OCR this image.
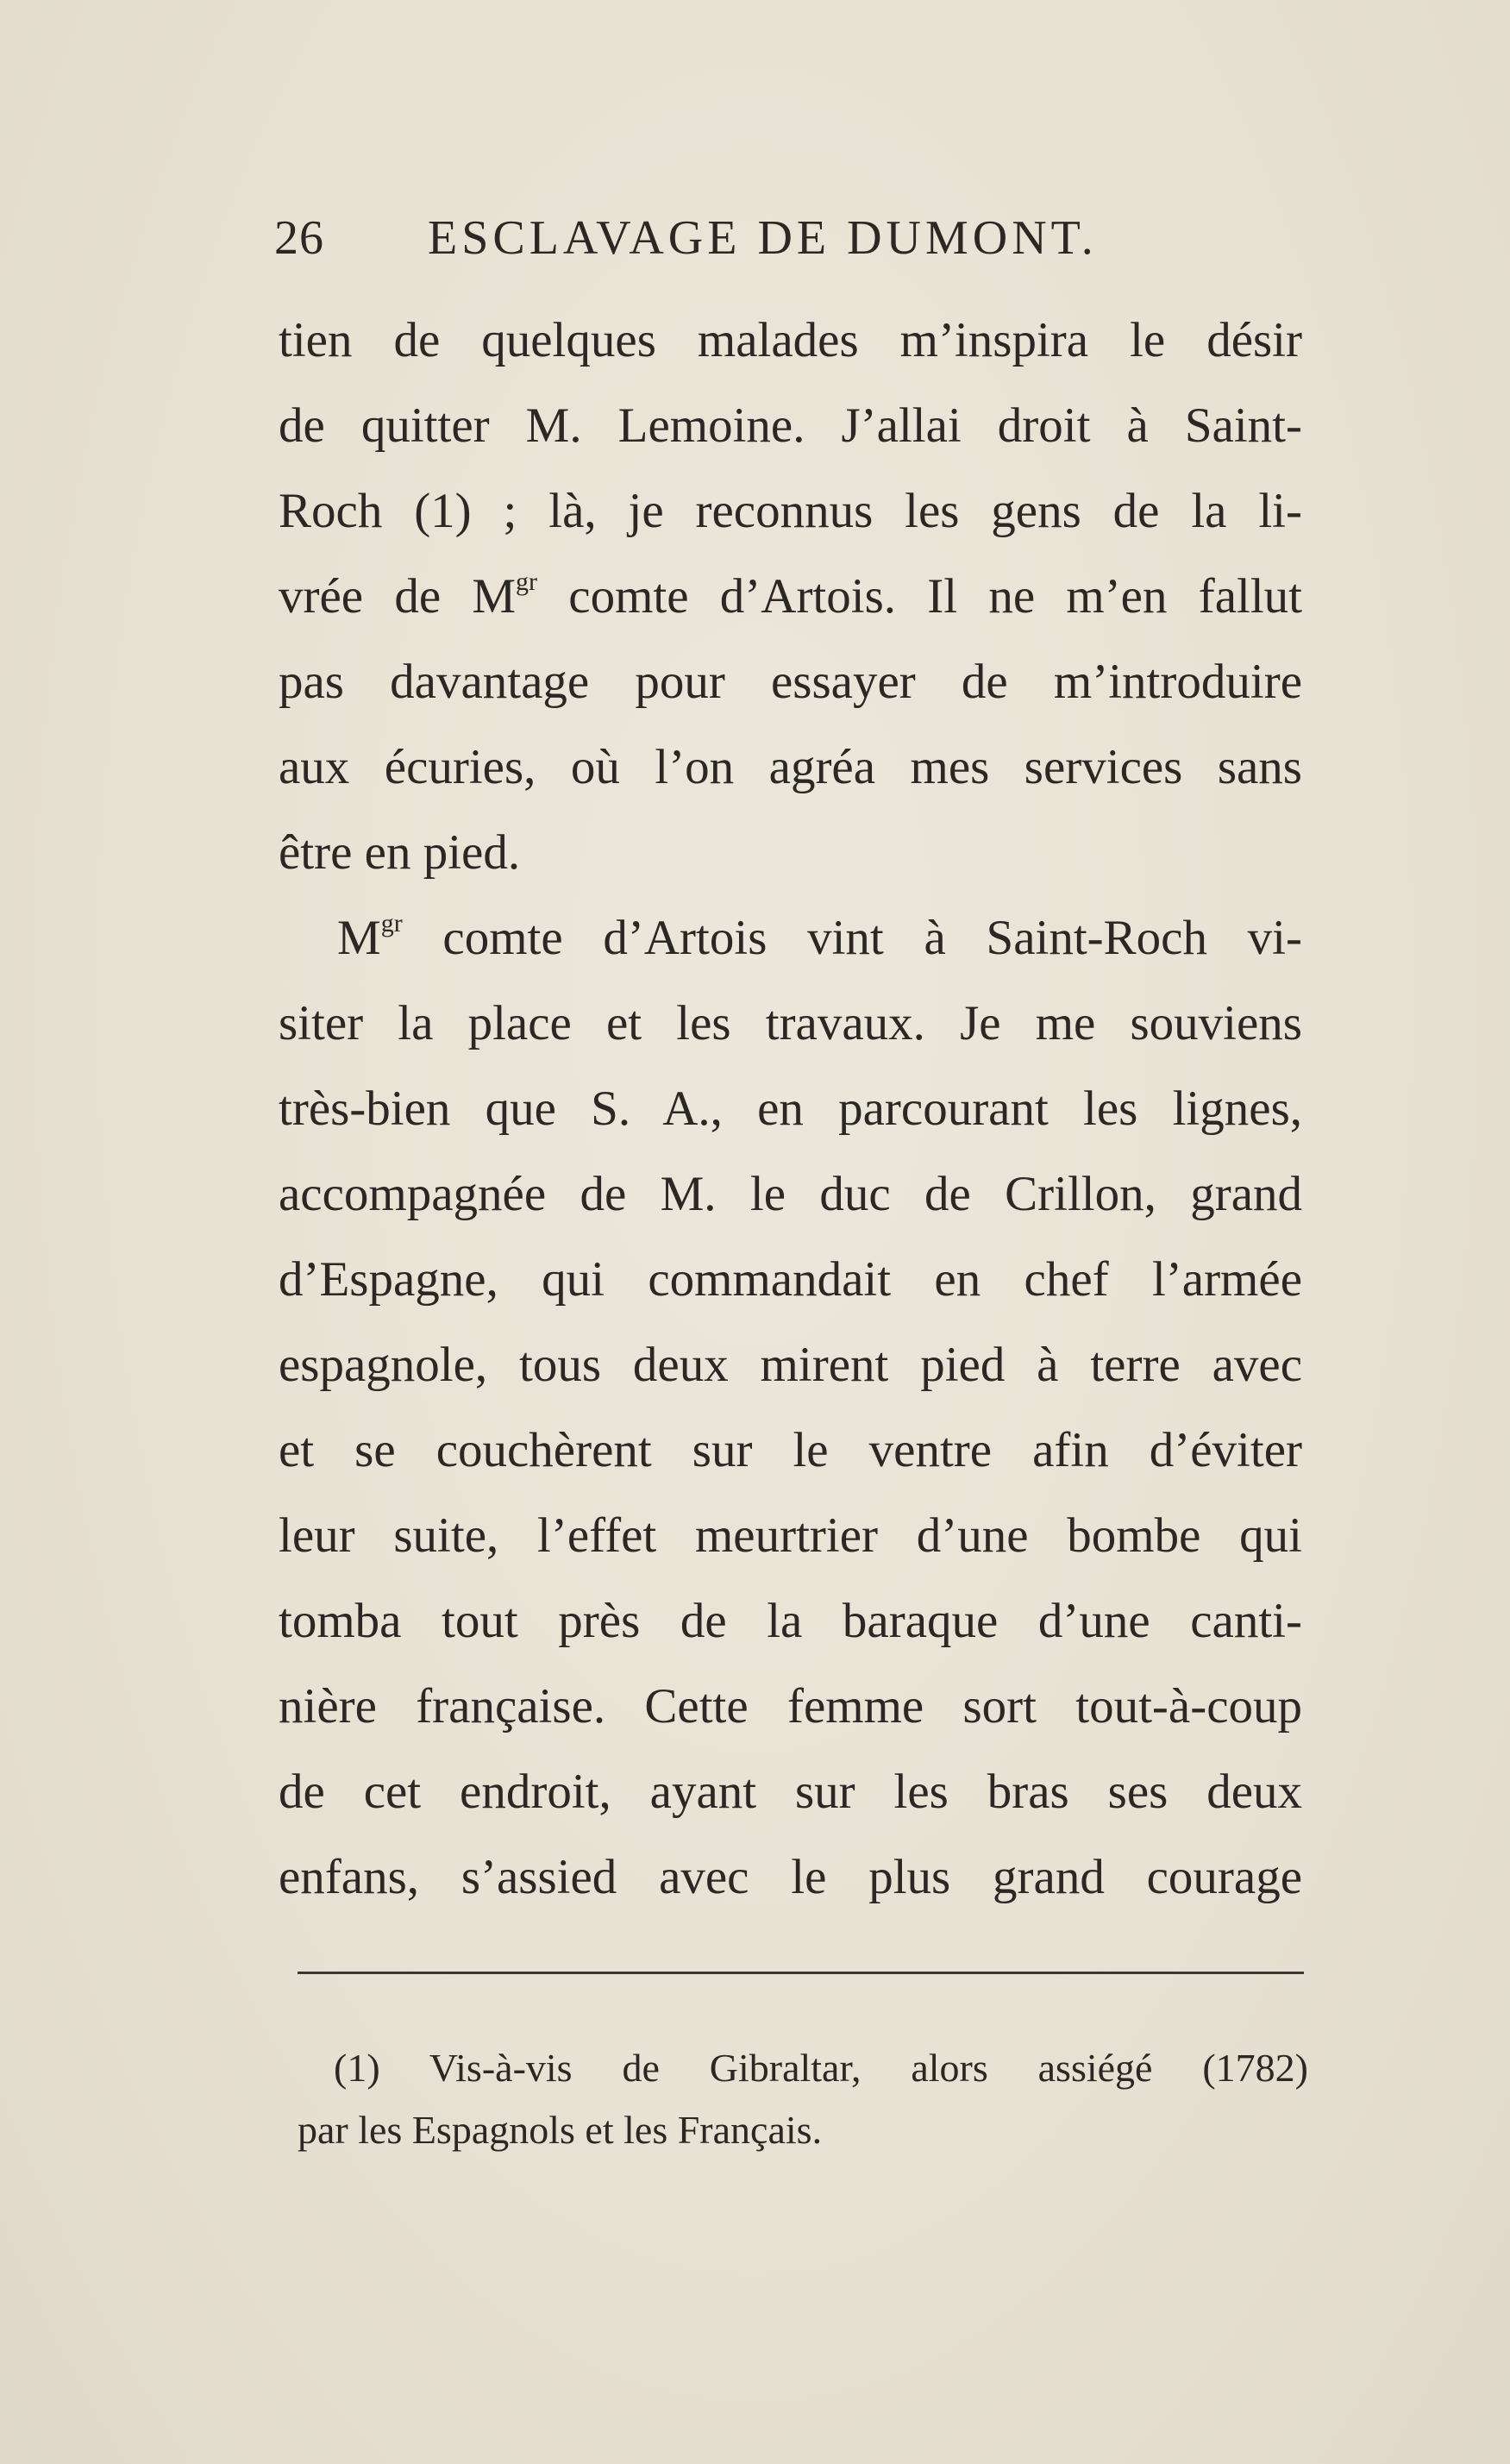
26 ESCLAVAGE DE DUMONT.
tien de quelques malades m’inspira le désir
de quitter M. Lemoine. J’allai droit à Saint-
Roch (1) ; là, je reconnus les gens de la li-
vrée de $M^{gr}$ comte d’Artois. Il ne m’en fallut
pas davantage pour essayer de m’introduire
aux écuries, où l’on agréa mes services sans
être en pied.
$M^{gr}$ comte d’Artois vint à Saint-Roch vi-
siter la place et les travaux. Je me souviens
très-bien que S. A., en parcourant les lignes,
accompagnée de M. le duc de Crillon, grand
d’Espagne, qui commandait en chef l’armée
espagnole, tous deux mirent pied à terre avec
et se couchèrent sur le ventre afin d’éviter
leur suite, l’effet meurtrier d’une bombe qui
tomba tout près de la baraque d’une canti-
nière française. Cette femme sort tout-à-coup
de cet endroit, ayant sur les bras ses deux
enfans, s’assied avec le plus grand courage
(1) Vis-à-vis de Gibraltar, alors assiégé (1782)
par les Espagnols et les Français.
